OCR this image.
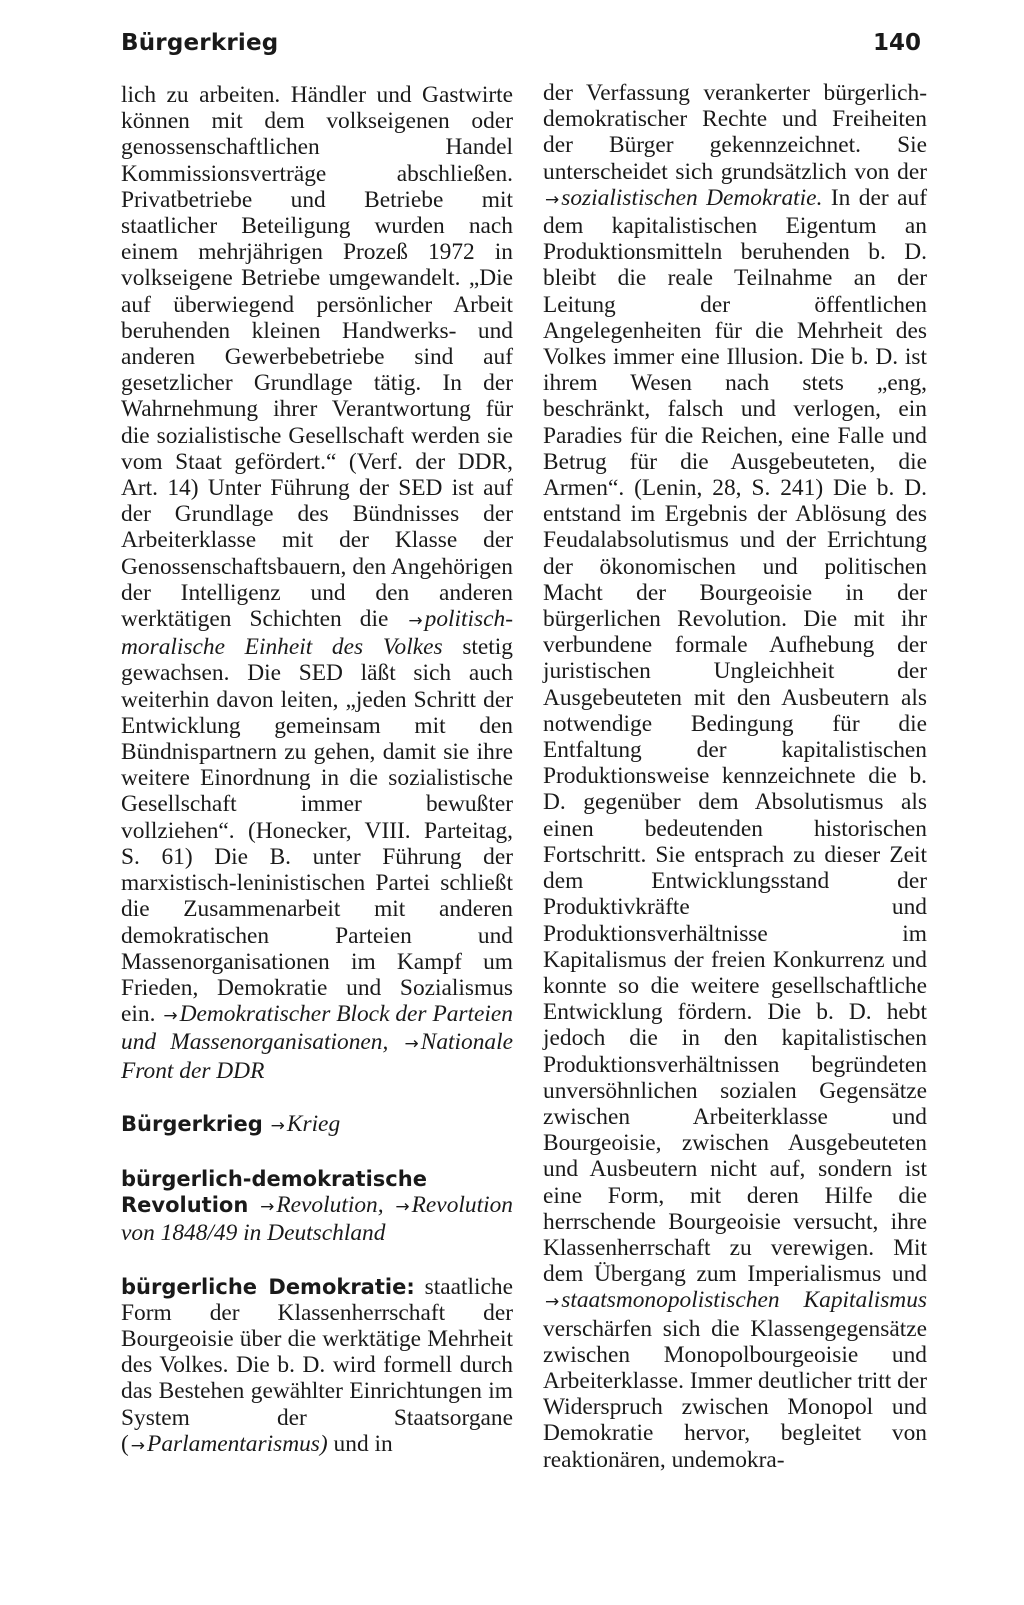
Bürgerkrieg	140

lich zu arbeiten. Händler und Gastwirte können mit dem volkseigenen oder genossenschaftlichen Handel Kommissionsverträge abschließen. Privatbetriebe und Betriebe mit staatlicher Beteiligung wurden nach einem mehrjährigen Prozeß 1972 in volkseigene Betriebe umgewandelt. „Die auf überwiegend persönlicher Arbeit beruhenden kleinen Handwerks- und anderen Gewerbebetriebe sind auf gesetzlicher Grundlage tätig. In der Wahrnehmung ihrer Verantwortung für die sozialistische Gesellschaft werden sie vom Staat gefördert.“ (Verf. der DDR, Art. 14) Unter Führung der SED ist auf der Grundlage des Bündnisses der Arbeiterklasse mit der Klasse der Genossenschaftsbauern, den Angehörigen der Intelligenz und den anderen werktätigen Schichten die →politisch-moralische Einheit des Volkes stetig gewachsen. Die SED läßt sich auch weiterhin davon leiten, „jeden Schritt der Entwicklung gemeinsam mit den Bündnispartnern zu gehen, damit sie ihre weitere Einordnung in die sozialistische Gesellschaft immer bewußter vollziehen“. (Honecker, VIII. Parteitag, S. 61) Die B. unter Führung der marxistisch-leninistischen Partei schließt die Zusammenarbeit mit anderen demokratischen Parteien und Massenorganisationen im Kampf um Frieden, Demokratie und Sozialismus ein. →Demokratischer Block der Parteien und Massenorganisationen, →Nationale Front der DDR

Bürgerkrieg →Krieg

bürgerlich-demokratische Revolution →Revolution, →Revolution von 1848/49 in Deutschland

bürgerliche Demokratie: staatliche Form der Klassenherrschaft der Bourgeoisie über die werktätige Mehrheit des Volkes. Die b. D. wird formell durch das Bestehen gewählter Einrichtungen im System der Staatsorgane ( →Parlamentarismus) und in

der Verfassung verankerter bürgerlich-demokratischer Rechte und Freiheiten der Bürger gekennzeichnet. Sie unterscheidet sich grundsätzlich von der →sozialistischen Demokratie. In der auf dem kapitalistischen Eigentum an Produktionsmitteln beruhenden b. D. bleibt die reale Teilnahme an der Leitung der öffentlichen Angelegenheiten für die Mehrheit des Volkes immer eine Illusion. Die b. D. ist ihrem Wesen nach stets „eng, beschränkt, falsch und verlogen, ein Paradies für die Reichen, eine Falle und Betrug für die Ausgebeuteten, die Armen“. (Lenin, 28, S. 241) Die b. D. entstand im Ergebnis der Ablösung des Feudalabsolutismus und der Errichtung der ökonomischen und politischen Macht der Bourgeoisie in der bürgerlichen Revolution. Die mit ihr verbundene formale Aufhebung der juristischen Ungleichheit der Ausgebeuteten mit den Ausbeutern als notwendige Bedingung für die Entfaltung der kapitalistischen Produktionsweise kennzeichnete die b. D. gegenüber dem Absolutismus als einen bedeutenden historischen Fortschritt. Sie entsprach zu dieser Zeit dem Entwicklungsstand der Produktivkräfte und Produktionsverhältnisse im Kapitalismus der freien Konkurrenz und konnte so die weitere gesellschaftliche Entwicklung fördern. Die b. D. hebt jedoch die in den kapitalistischen Produktionsverhältnissen begründeten unversöhnlichen sozialen Gegensätze zwischen Arbeiterklasse und Bourgeoisie, zwischen Ausgebeuteten und Ausbeutern nicht auf, sondern ist eine Form, mit deren Hilfe die herrschende Bourgeoisie versucht, ihre Klassenherrschaft zu verewigen. Mit dem Übergang zum Imperialismus und →staatsmonopolistischen Kapitalismus verschärfen sich die Klassengegensätze zwischen Monopolbourgeoisie und Arbeiterklasse. Immer deutlicher tritt der Widerspruch zwischen Monopol und Demokratie hervor, begleitet von reaktionären, undemokra-
